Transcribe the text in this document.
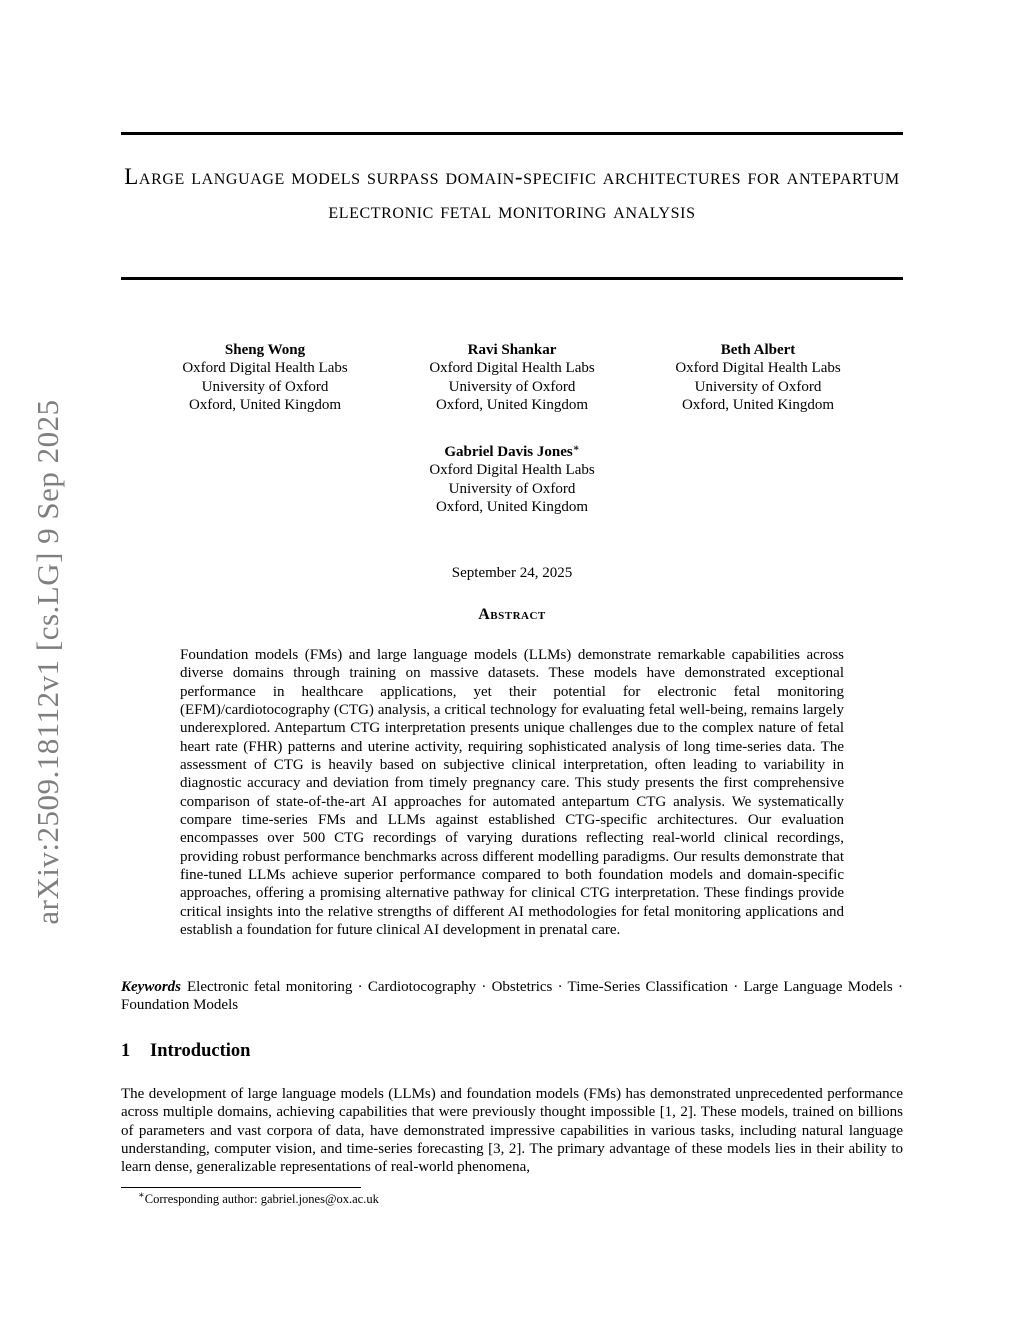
arXiv:2509.18112v1 [cs.LG] 9 Sep 2025
Large language models surpass domain-specific architectures for antepartum electronic fetal monitoring analysis
Sheng Wong
Oxford Digital Health Labs
University of Oxford
Oxford, United Kingdom
Ravi Shankar
Oxford Digital Health Labs
University of Oxford
Oxford, United Kingdom
Beth Albert
Oxford Digital Health Labs
University of Oxford
Oxford, United Kingdom
Gabriel Davis Jones∗
Oxford Digital Health Labs
University of Oxford
Oxford, United Kingdom
September 24, 2025
Abstract

Foundation models (FMs) and large language models (LLMs) demonstrate remarkable capabilities across diverse domains through training on massive datasets. These models have demonstrated exceptional performance in healthcare applications, yet their potential for electronic fetal monitoring (EFM)/cardiotocography (CTG) analysis, a critical technology for evaluating fetal well-being, remains largely underexplored. Antepartum CTG interpretation presents unique challenges due to the complex nature of fetal heart rate (FHR) patterns and uterine activity, requiring sophisticated analysis of long time-series data. The assessment of CTG is heavily based on subjective clinical interpretation, often leading to variability in diagnostic accuracy and deviation from timely pregnancy care. This study presents the first comprehensive comparison of state-of-the-art AI approaches for automated antepartum CTG analysis. We systematically compare time-series FMs and LLMs against established CTG-specific architectures. Our evaluation encompasses over 500 CTG recordings of varying durations reflecting real-world clinical recordings, providing robust performance benchmarks across different modelling paradigms. Our results demonstrate that fine-tuned LLMs achieve superior performance compared to both foundation models and domain-specific approaches, offering a promising alternative pathway for clinical CTG interpretation. These findings provide critical insights into the relative strengths of different AI methodologies for fetal monitoring applications and establish a foundation for future clinical AI development in prenatal care.

Keywords Electronic fetal monitoring · Cardiotocography · Obstetrics · Time-Series Classification · Large Language Models · Foundation Models

1 Introduction

The development of large language models (LLMs) and foundation models (FMs) has demonstrated unprecedented performance across multiple domains, achieving capabilities that were previously thought impossible [1, 2]. These models, trained on billions of parameters and vast corpora of data, have demonstrated impressive capabilities in various tasks, including natural language understanding, computer vision, and time-series forecasting [3, 2]. The primary advantage of these models lies in their ability to learn dense, generalizable representations of real-world phenomena,

∗Corresponding author: gabriel.jones@ox.ac.uk
